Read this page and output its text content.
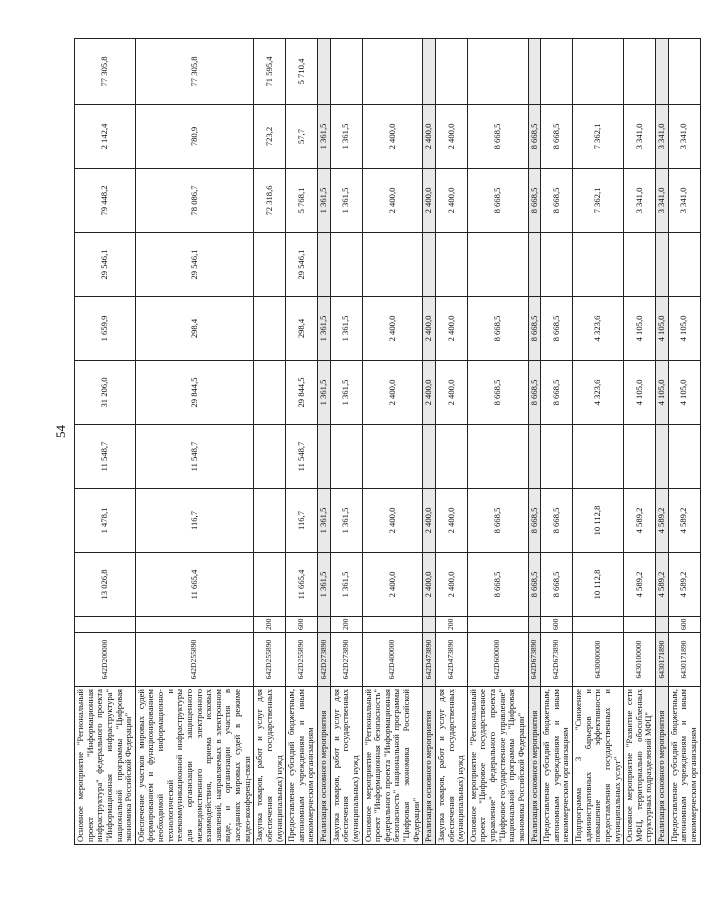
54
Основное мероприятие "Региональный проект "Информационная инфраструктура" федерального проекта "Информационная инфраструктура" национальной программы "Цифровая экономика Российской Федерации"	642D200000		13 026,8	1 478,1	11 548,7	31 206,0	1 659,9	29 546,1	79 448,2	2 142,4	77 305,8
Обеспечение участков мировых судей формированием и функционированием необходимой информационно-технологической и телекоммуникационной инфраструктуры для организации защищенного межведомственного электронного взаимодействия, приема исковых заявлений, направляемых в электронном виде, и организации участия в заседаниях мировых судей в режиме видео-конференц-связи	642D255890		11 665,4	116,7	11 548,7	29 844,5	298,4	29 546,1	78 086,7	780,9	77 305,8
Закупка товаров, работ и услуг для обеспечения государственных (муниципальных) нужд	642D255890	200							72 318,6	723,2	71 595,4
Предоставление субсидий бюджетным, автономным учреждениям и иным некоммерческим организациям	642D255890	600	11 665,4	116,7	11 548,7	29 844,5	298,4	29 546,1	5 768,1	57,7	5 710,4
Реализация основного мероприятия	642D273890		1 361,5	1 361,5		1 361,5	1 361,5		1 361,5	1 361,5	
Закупка товаров, работ и услуг для обеспечения государственных (муниципальных) нужд	642D273890	200	1 361,5	1 361,5		1 361,5	1 361,5		1 361,5	1 361,5	
Основное мероприятие "Региональный проект "Информационная безопасность" федерального проекта "Информационная безопасность" национальной программы "Цифровая экономика Российской Федерации"	642D400000		2 400,0	2 400,0		2 400,0	2 400,0		2 400,0	2 400,0	
Реализация основного мероприятия	642D473890		2 400,0	2 400,0		2 400,0	2 400,0		2 400,0	2 400,0	
Закупка товаров, работ и услуг для обеспечения государственных (муниципальных) нужд	642D473890	200	2 400,0	2 400,0		2 400,0	2 400,0		2 400,0	2 400,0	
Основное мероприятие "Региональный проект "Цифровое государственное управление" федерального проекта "Цифровое государственное управление" национальной программы "Цифровая экономика Российской Федерации"	642D600000		8 668,5	8 668,5		8 668,5	8 668,5		8 668,5	8 668,5	
Реализация основного мероприятия	642D673890		8 668,5	8 668,5		8 668,5	8 668,5		8 668,5	8 668,5	
Предоставление субсидий бюджетным, автономным учреждениям и иным некоммерческим организациям	642D673890	600	8 668,5	8 668,5		8 668,5	8 668,5		8 668,5	8 668,5	
Подпрограмма 3 "Снижение административных барьеров и повышение эффективности предоставления государственных и муниципальных услуг"	6430000000		10 112,8	10 112,8		4 323,6	4 323,6		7 362,1	7 362,1	
Основное мероприятие "Развитие сети МФЦ, территориально обособленных структурных подразделений МФЦ"	6430100000		4 589,2	4 589,2		4 105,0	4 105,0		3 341,0	3 341,0	
Реализация основного мероприятия	6430171890		4 589,2	4 589,2		4 105,0	4 105,0		3 341,0	3 341,0	
Предоставление субсидий бюджетным, автономным учреждениям и иным некоммерческим организациям	6430171890	600	4 589,2	4 589,2		4 105,0	4 105,0		3 341,0	3 341,0	
